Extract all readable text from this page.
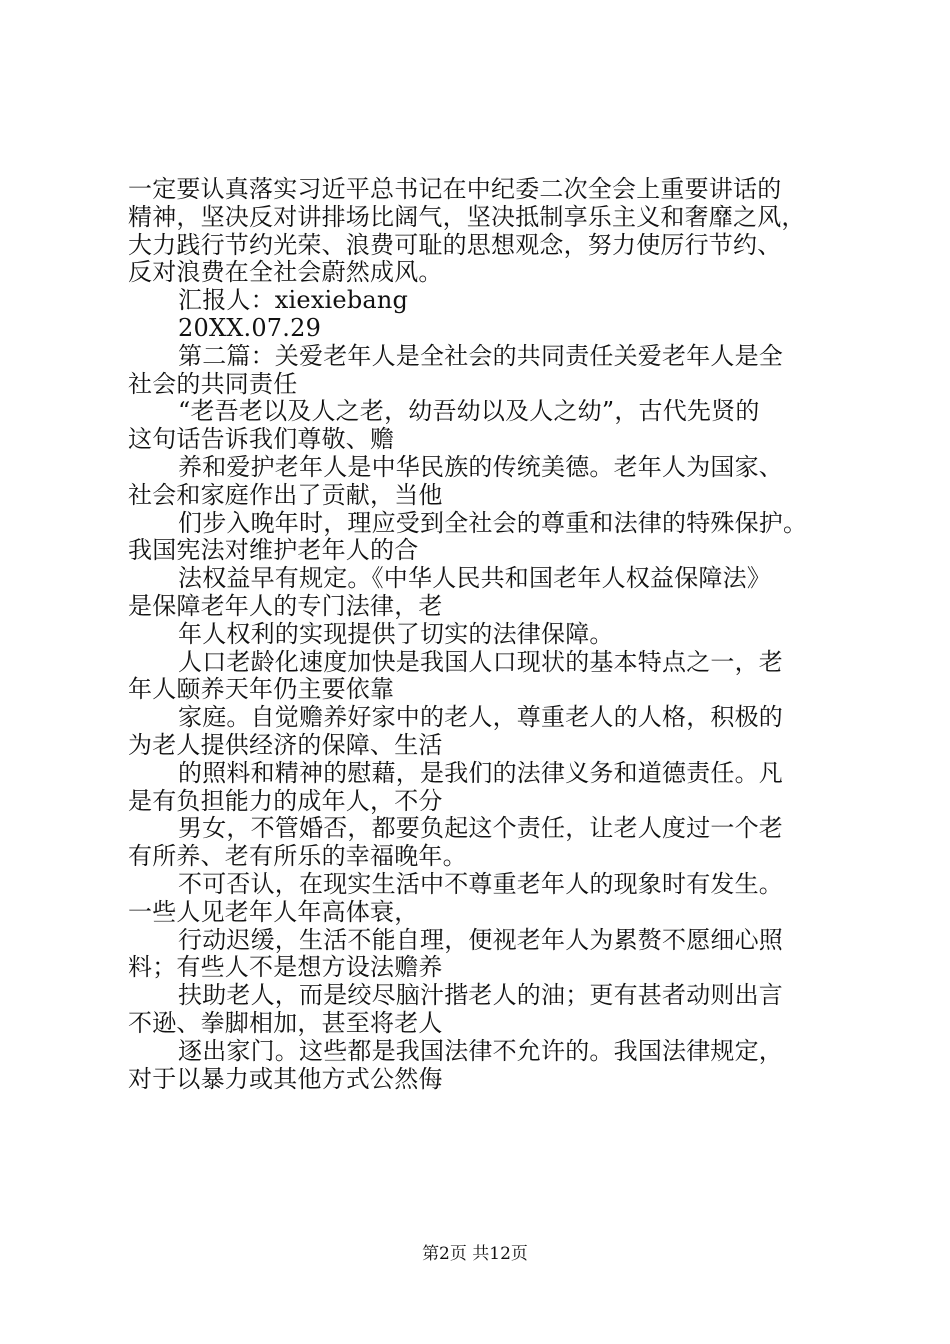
一定要认真落实习近平总书记在中纪委二次全会上重要讲话的
精神，坚决反对讲排场比阔气，坚决抵制享乐主义和奢靡之风，
大力践行节约光荣、浪费可耻的思想观念，努力使厉行节约、
反对浪费在全社会蔚然成风。
汇报人：xiexiebang
20XX.07.29
第二篇：关爱老年人是全社会的共同责任关爱老年人是全
社会的共同责任
“老吾老以及人之老，幼吾幼以及人之幼”，古代先贤的
这句话告诉我们尊敬、赡
养和爱护老年人是中华民族的传统美德。老年人为国家、
社会和家庭作出了贡献，当他
们步入晚年时，理应受到全社会的尊重和法律的特殊保护。
我国宪法对维护老年人的合
法权益早有规定。《中华人民共和国老年人权益保障法》
是保障老年人的专门法律，老
年人权利的实现提供了切实的法律保障。
人口老龄化速度加快是我国人口现状的基本特点之一，老
年人颐养天年仍主要依靠
家庭。自觉赡养好家中的老人，尊重老人的人格，积极的
为老人提供经济的保障、生活
的照料和精神的慰藉，是我们的法律义务和道德责任。凡
是有负担能力的成年人，不分
男女，不管婚否，都要负起这个责任，让老人度过一个老
有所养、老有所乐的幸福晚年。
不可否认，在现实生活中不尊重老年人的现象时有发生。
一些人见老年人年高体衰，
行动迟缓，生活不能自理，便视老年人为累赘不愿细心照
料；有些人不是想方设法赡养
扶助老人，而是绞尽脑汁揩老人的油；更有甚者动则出言
不逊、拳脚相加，甚至将老人
逐出家门。这些都是我国法律不允许的。我国法律规定，
对于以暴力或其他方式公然侮
第2页 共12页
